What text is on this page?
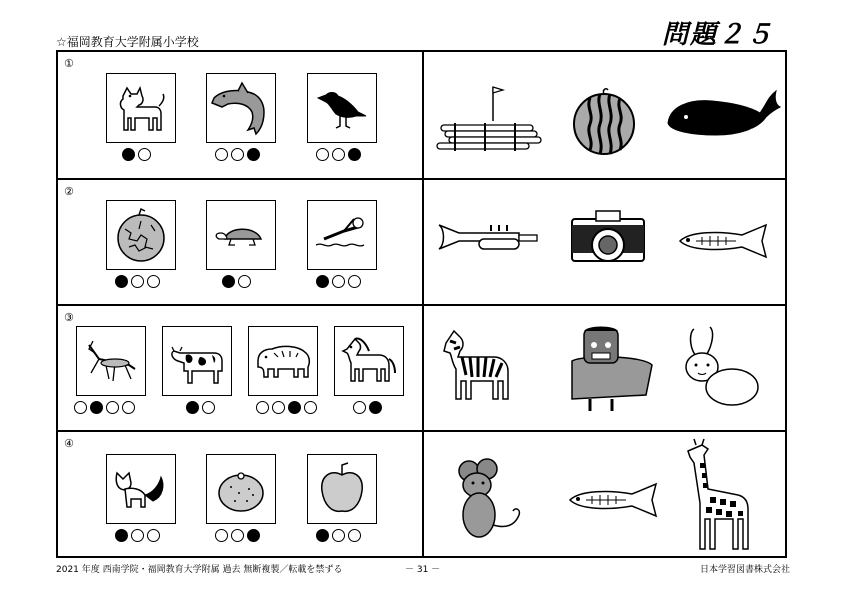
☆福岡教育大学附属小学校	問題２５
①
②
③
④
2021 年度 西南学院・福岡教育大学附属 過去 無断複製／転載を禁ずる	－ 31 －	日本学習図書株式会社
